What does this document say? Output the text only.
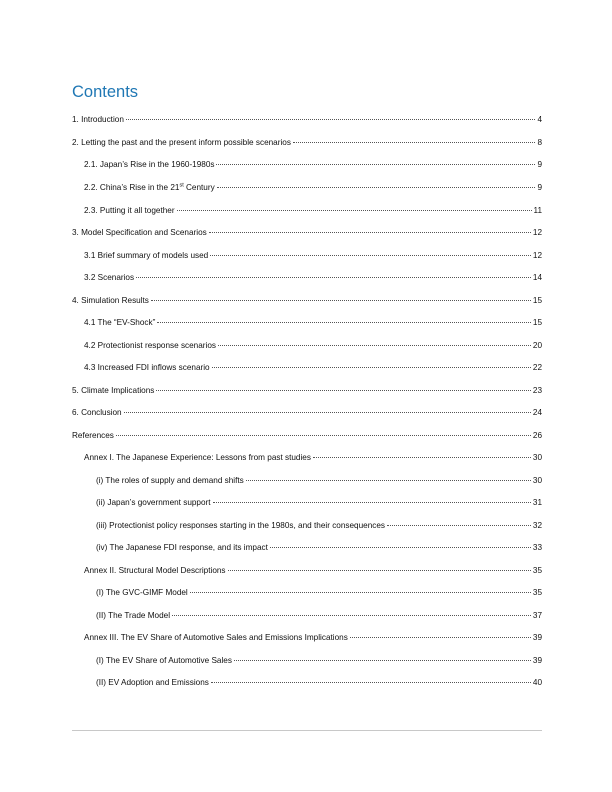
Contents
1. Introduction	4
2. Letting the past and the present inform possible scenarios	8
2.1. Japan’s Rise in the 1960-1980s	9
2.2. China’s Rise in the 21st Century	9
2.3. Putting it all together	11
3. Model Specification and Scenarios	12
3.1 Brief summary of models used	12
3.2 Scenarios	14
4. Simulation Results	15
4.1 The “EV-Shock”	15
4.2 Protectionist response scenarios	20
4.3 Increased FDI inflows scenario	22
5. Climate Implications	23
6. Conclusion	24
References	26
Annex I. The Japanese Experience: Lessons from past studies	30
(i) The roles of supply and demand shifts	30
(ii) Japan’s government support	31
(iii) Protectionist policy responses starting in the 1980s, and their consequences	32
(iv) The Japanese FDI response, and its impact	33
Annex II. Structural Model Descriptions	35
(I) The GVC-GIMF Model	35
(II) The Trade Model	37
Annex III. The EV Share of Automotive Sales and Emissions Implications	39
(I) The EV Share of Automotive Sales	39
(II) EV Adoption and Emissions	40
